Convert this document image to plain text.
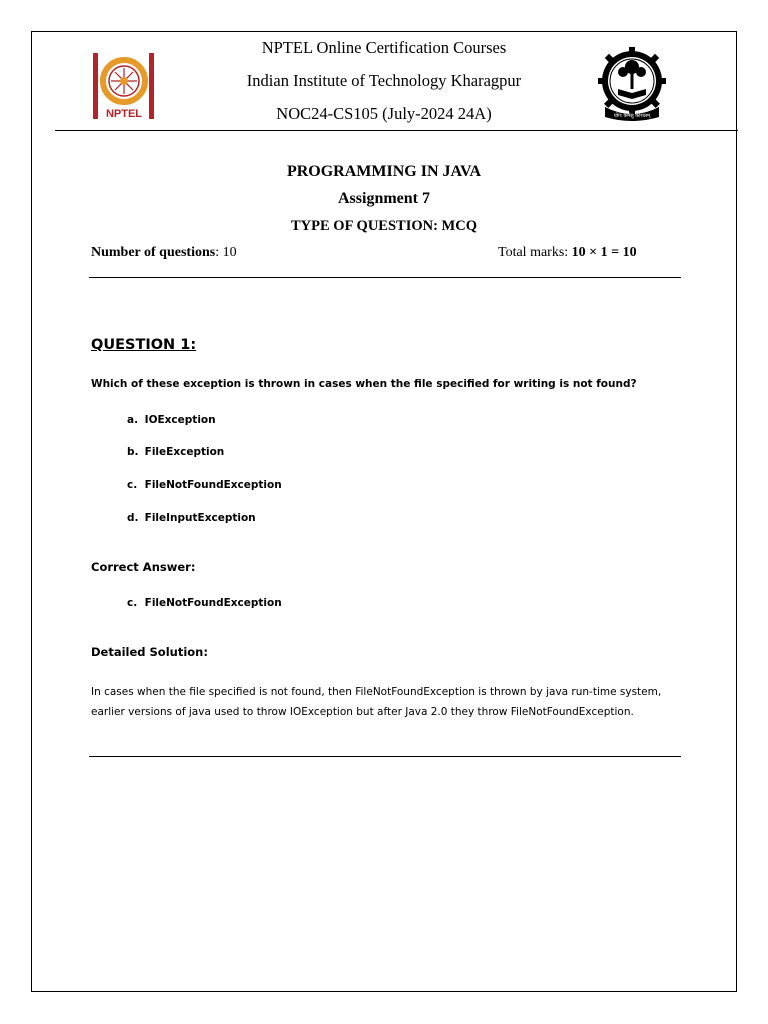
NPTEL
NPTEL Online Certification Courses
Indian Institute of Technology Kharagpur
NOC24-CS105 (July-2024 24A)	योगः कर्मसु कौशलम्
PROGRAMMING IN JAVA
Assignment 7
TYPE OF QUESTION: MCQ
Number of questions: 10	Total marks: 10 × 1 = 10
QUESTION 1:
Which of these exception is thrown in cases when the file specified for writing is not found?
a. IOException
b. FileException
c. FileNotFoundException
d. FileInputException
Correct Answer:
c. FileNotFoundException
Detailed Solution:
In cases when the file specified is not found, then FileNotFoundException is thrown by java run-time system, earlier versions of java used to throw IOException but after Java 2.0 they throw FileNotFoundException.
